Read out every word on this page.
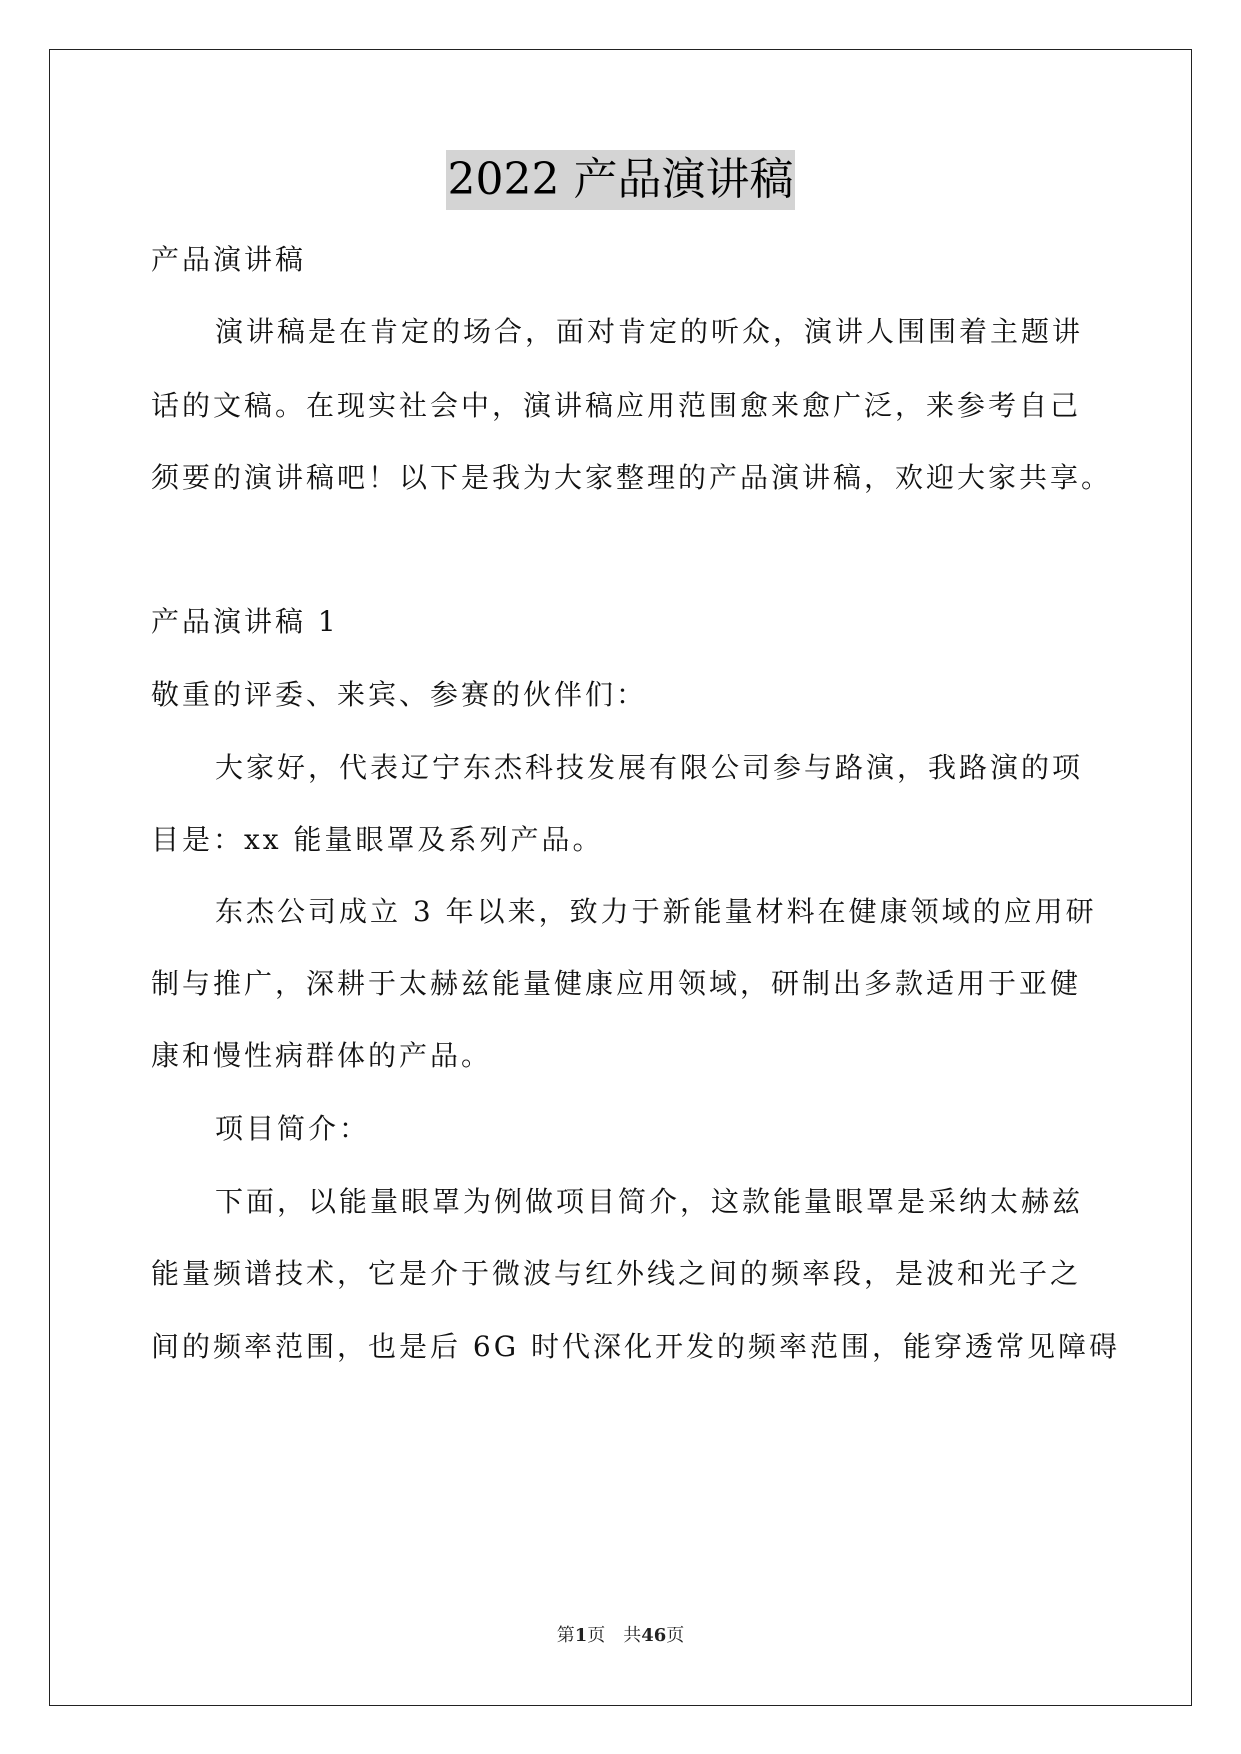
2022 产品演讲稿
产品演讲稿
演讲稿是在肯定的场合，面对肯定的听众，演讲人围围着主题讲
话的文稿。在现实社会中，演讲稿应用范围愈来愈广泛，来参考自己
须要的演讲稿吧！以下是我为大家整理的产品演讲稿，欢迎大家共享。
产品演讲稿 1
敬重的评委、来宾、参赛的伙伴们：
大家好，代表辽宁东杰科技发展有限公司参与路演，我路演的项
目是：xx 能量眼罩及系列产品。
东杰公司成立 3 年以来，致力于新能量材料在健康领域的应用研
制与推广，深耕于太赫兹能量健康应用领域，研制出多款适用于亚健
康和慢性病群体的产品。
项目简介：
下面，以能量眼罩为例做项目简介，这款能量眼罩是采纳太赫兹
能量频谱技术，它是介于微波与红外线之间的频率段，是波和光子之
间的频率范围，也是后 6G 时代深化开发的频率范围，能穿透常见障碍
第1页　共46页
